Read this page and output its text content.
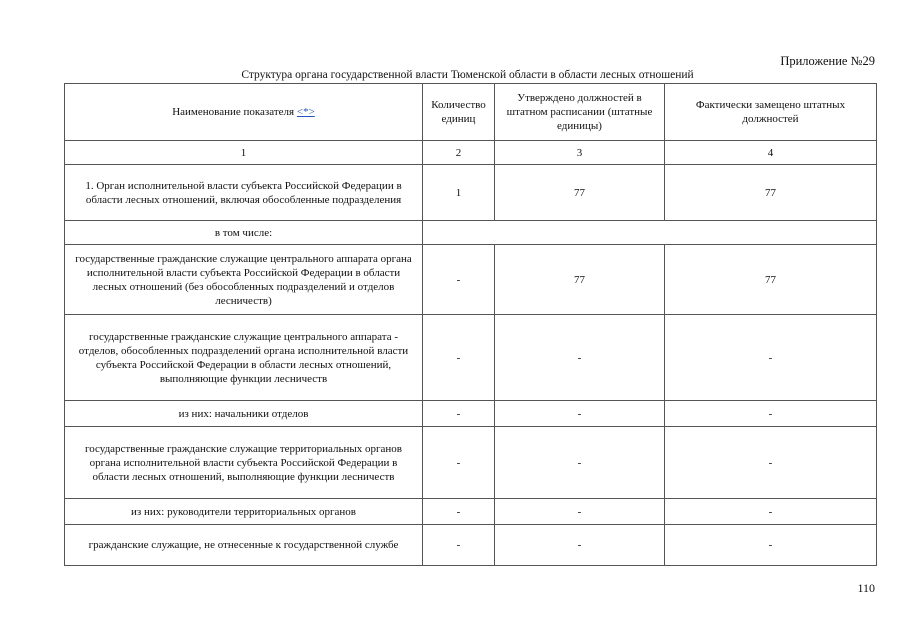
Приложение №29
Структура органа государственной власти Тюменской области в области лесных отношений
Наименование показателя <*>	Количество единиц	Утверждено должностей в штатном расписании (штатные единицы)	Фактически замещено штатных должностей
1	2	3	4
1. Орган исполнительной власти субъекта Российской Федерации в области лесных отношений, включая обособленные подразделения	1	77	77
в том числе:			
государственные гражданские служащие центрального аппарата органа исполнительной власти субъекта Российской Федерации в области лесных отношений (без обособленных подразделений и отделов лесничеств)	-	77	77
государственные гражданские служащие центрального аппарата - отделов, обособленных подразделений органа исполнительной власти субъекта Российской Федерации в области лесных отношений, выполняющие функции лесничеств	-	-	-
из них: начальники отделов	-	-	-
государственные гражданские служащие территориальных органов органа исполнительной власти субъекта Российской Федерации в области лесных отношений, выполняющие функции лесничеств	-	-	-
из них: руководители территориальных органов	-	-	-
гражданские служащие, не отнесенные к государственной службе	-	-	-
110
